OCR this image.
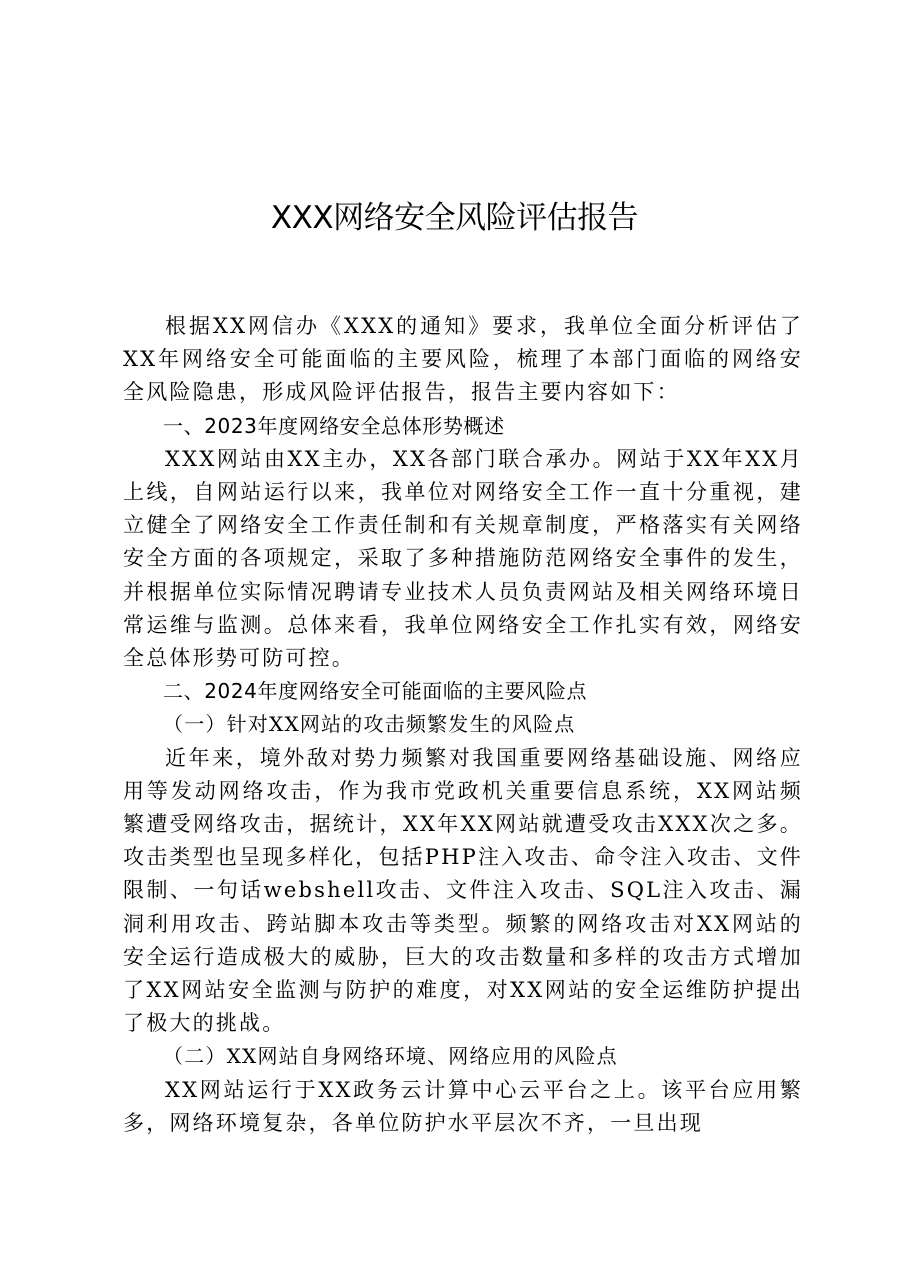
XXX网络安全风险评估报告

根据XX网信办《XXX的通知》要求，我单位全面分析评估了XX年网络安全可能面临的主要风险，梳理了本部门面临的网络安全风险隐患，形成风险评估报告，报告主要内容如下：

一、2023年度网络安全总体形势概述

XXX网站由XX主办，XX各部门联合承办。网站于XX年XX月上线，自网站运行以来，我单位对网络安全工作一直十分重视，建立健全了网络安全工作责任制和有关规章制度，严格落实有关网络安全方面的各项规定，采取了多种措施防范网络安全事件的发生，并根据单位实际情况聘请专业技术人员负责网站及相关网络环境日常运维与监测。总体来看，我单位网络安全工作扎实有效，网络安全总体形势可防可控。

二、2024年度网络安全可能面临的主要风险点
（一）针对XX网站的攻击频繁发生的风险点

近年来，境外敌对势力频繁对我国重要网络基础设施、网络应用等发动网络攻击，作为我市党政机关重要信息系统，XX网站频繁遭受网络攻击，据统计，XX年XX网站就遭受攻击XXX次之多。攻击类型也呈现多样化，包括PHP注入攻击、命令注入攻击、文件限制、一句话webshell攻击、文件注入攻击、SQL注入攻击、漏洞利用攻击、跨站脚本攻击等类型。频繁的网络攻击对XX网站的安全运行造成极大的威胁，巨大的攻击数量和多样的攻击方式增加了XX网站安全监测与防护的难度，对XX网站的安全运维防护提出了极大的挑战。

（二）XX网站自身网络环境、网络应用的风险点

XX网站运行于XX政务云计算中心云平台之上。该平台应用繁多，网络环境复杂，各单位防护水平层次不齐，一旦出现
